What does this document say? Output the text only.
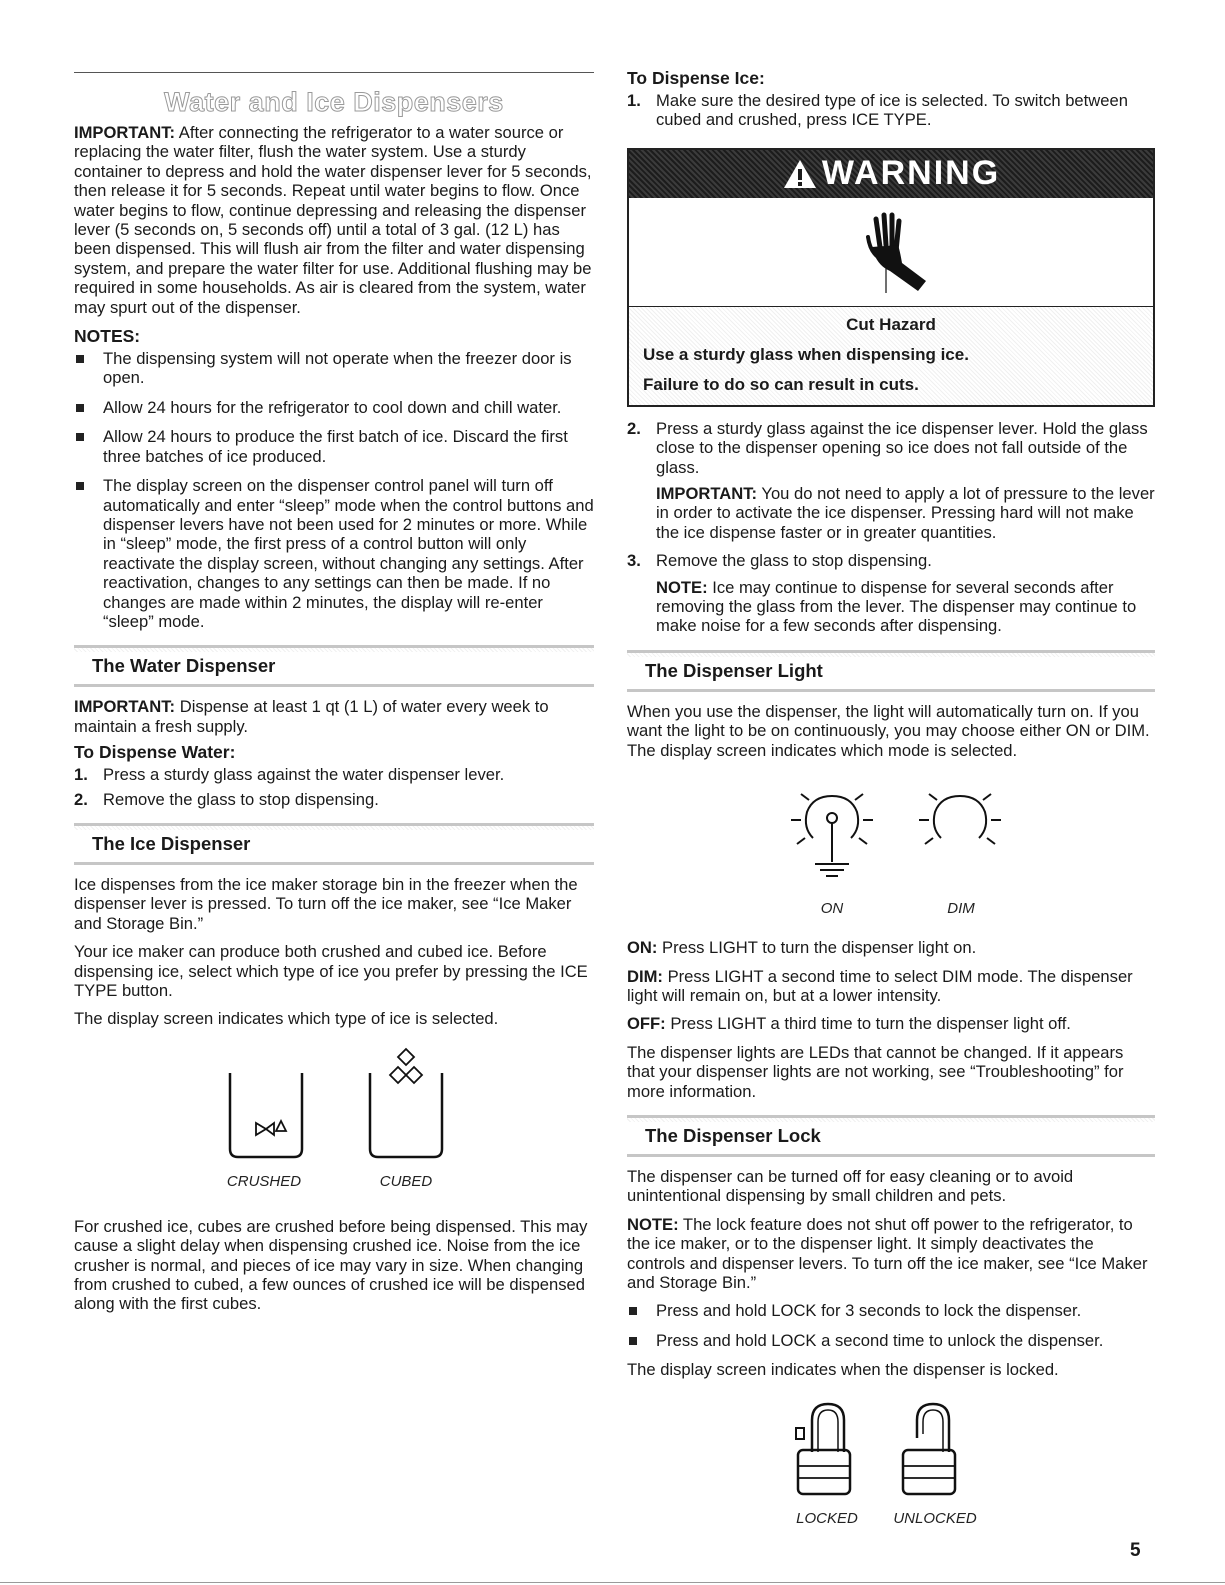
Water and Ice Dispensers

IMPORTANT: After connecting the refrigerator to a water source or replacing the water filter, flush the water system. Use a sturdy container to depress and hold the water dispenser lever for 5 seconds, then release it for 5 seconds. Repeat until water begins to flow. Once water begins to flow, continue depressing and releasing the dispenser lever (5 seconds on, 5 seconds off) until a total of 3 gal. (12 L) has been dispensed. This will flush air from the filter and water dispensing system, and prepare the water filter for use. Additional flushing may be required in some households. As air is cleared from the system, water may spurt out of the dispenser.

NOTES:
The dispensing system will not operate when the freezer door is open.
Allow 24 hours for the refrigerator to cool down and chill water.
Allow 24 hours to produce the first batch of ice. Discard the first three batches of ice produced.
The display screen on the dispenser control panel will turn off automatically and enter “sleep” mode when the control buttons and dispenser levers have not been used for 2 minutes or more. While in “sleep” mode, the first press of a control button will only reactivate the display screen, without changing any settings. After reactivation, changes to any settings can then be made. If no changes are made within 2 minutes, the display will re-enter “sleep” mode.
The Water Dispenser

IMPORTANT: Dispense at least 1 qt (1 L) of water every week to maintain a fresh supply.

To Dispense Water:
1. Press a sturdy glass against the water dispenser lever.
2. Remove the glass to stop dispensing.
The Ice Dispenser

Ice dispenses from the ice maker storage bin in the freezer when the dispenser lever is pressed. To turn off the ice maker, see “Ice Maker and Storage Bin.”

Your ice maker can produce both crushed and cubed ice. Before dispensing ice, select which type of ice you prefer by pressing the ICE TYPE button.

The display screen indicates which type of ice is selected.

CRUSHED	CUBED

For crushed ice, cubes are crushed before being dispensed. This may cause a slight delay when dispensing crushed ice. Noise from the ice crusher is normal, and pieces of ice may vary in size. When changing from crushed to cubed, a few ounces of crushed ice will be dispensed along with the first cubes.

To Dispense Ice:
1. Make sure the desired type of ice is selected. To switch between cubed and crushed, press ICE TYPE.
WARNING
Cut Hazard
Use a sturdy glass when dispensing ice.
Failure to do so can result in cuts.
2. Press a sturdy glass against the ice dispenser lever. Hold the glass close to the dispenser opening so ice does not fall outside of the glass.

IMPORTANT: You do not need to apply a lot of pressure to the lever in order to activate the ice dispenser. Pressing hard will not make the ice dispense faster or in greater quantities.

3. Remove the glass to stop dispensing.

NOTE: Ice may continue to dispense for several seconds after removing the glass from the lever. The dispenser may continue to make noise for a few seconds after dispensing.

The Dispenser Light

When you use the dispenser, the light will automatically turn on. If you want the light to be on continuously, you may choose either ON or DIM. The display screen indicates which mode is selected.

ON	DIM

ON: Press LIGHT to turn the dispenser light on.

DIM: Press LIGHT a second time to select DIM mode. The dispenser light will remain on, but at a lower intensity.

OFF: Press LIGHT a third time to turn the dispenser light off.

The dispenser lights are LEDs that cannot be changed. If it appears that your dispenser lights are not working, see “Troubleshooting” for more information.

The Dispenser Lock

The dispenser can be turned off for easy cleaning or to avoid unintentional dispensing by small children and pets.

NOTE: The lock feature does not shut off power to the refrigerator, to the ice maker, or to the dispenser light. It simply deactivates the controls and dispenser levers. To turn off the ice maker, see “Ice Maker and Storage Bin.”

Press and hold LOCK for 3 seconds to lock the dispenser.
Press and hold LOCK a second time to unlock the dispenser.

The display screen indicates when the dispenser is locked.

LOCKED	UNLOCKED
5
